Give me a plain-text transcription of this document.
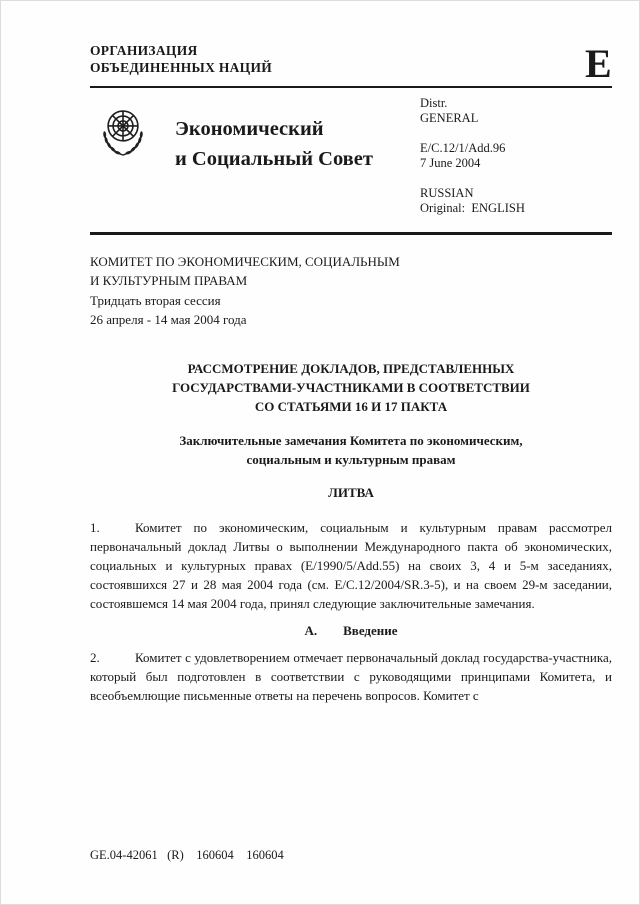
ОРГАНИЗАЦИЯ
ОБЪЕДИНЕННЫХ НАЦИЙ	E
Экономический
и Социальный Совет
Distr.
GENERAL
E/C.12/1/Add.96
7 June 2004
RUSSIAN
Original:  ENGLISH
КОМИТЕТ ПО ЭКОНОМИЧЕСКИМ, СОЦИАЛЬНЫМ
И КУЛЬТУРНЫМ ПРАВАМ
Тридцать вторая сессия
26 апреля - 14 мая 2004 года
РАССМОТРЕНИЕ ДОКЛАДОВ, ПРЕДСТАВЛЕННЫХ
ГОСУДАРСТВАМИ-УЧАСТНИКАМИ В СООТВЕТСТВИИ
СО СТАТЬЯМИ 16 И 17 ПАКТА
Заключительные замечания Комитета по экономическим,
социальным и культурным правам
ЛИТВА

1.	Комитет по экономическим, социальным и культурным правам рассмотрел первоначальный доклад Литвы о выполнении Международного пакта об экономических, социальных и культурных правах (E/1990/5/Add.55) на своих 3, 4 и 5-м заседаниях, состоявшихся 27 и 28 мая 2004 года (см. E/C.12/2004/SR.3-5), и на своем 29-м заседании, состоявшемся 14 мая 2004 года, принял следующие заключительные замечания.

A. Введение

2.	Комитет с удовлетворением отмечает первоначальный доклад государства-участника, который был подготовлен в соответствии с руководящими принципами Комитета, и всеобъемлющие письменные ответы на перечень вопросов. Комитет с

GE.04-42061   (R)    160604    160604
